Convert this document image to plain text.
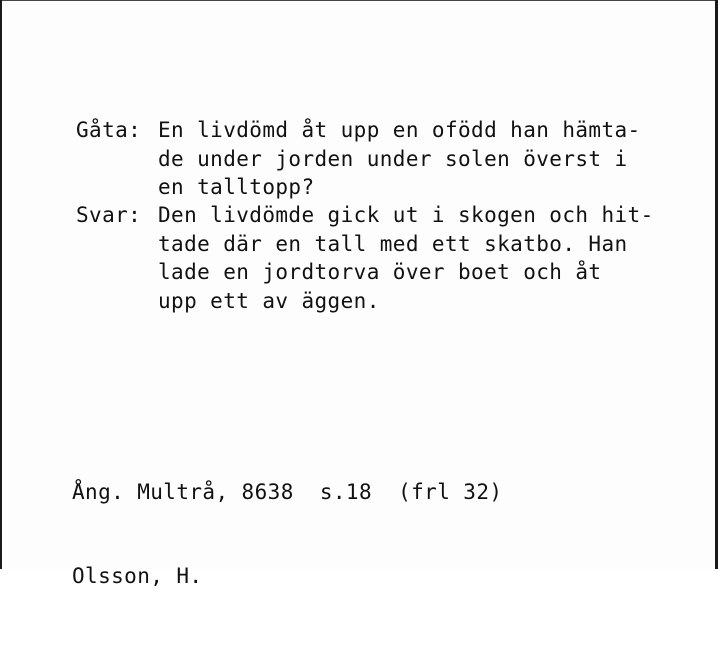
Gåta: En livdömd åt upp en ofödd han hämta-
de under jorden under solen överst i
en talltopp?
Svar: Den livdömde gick ut i skogen och hit-
tade där en tall med ett skatbo. Han
lade en jordtorva över boet och åt
upp ett av äggen.

Ång. Multrå, 8638  s.18  (frl 32)

Olsson, H.
